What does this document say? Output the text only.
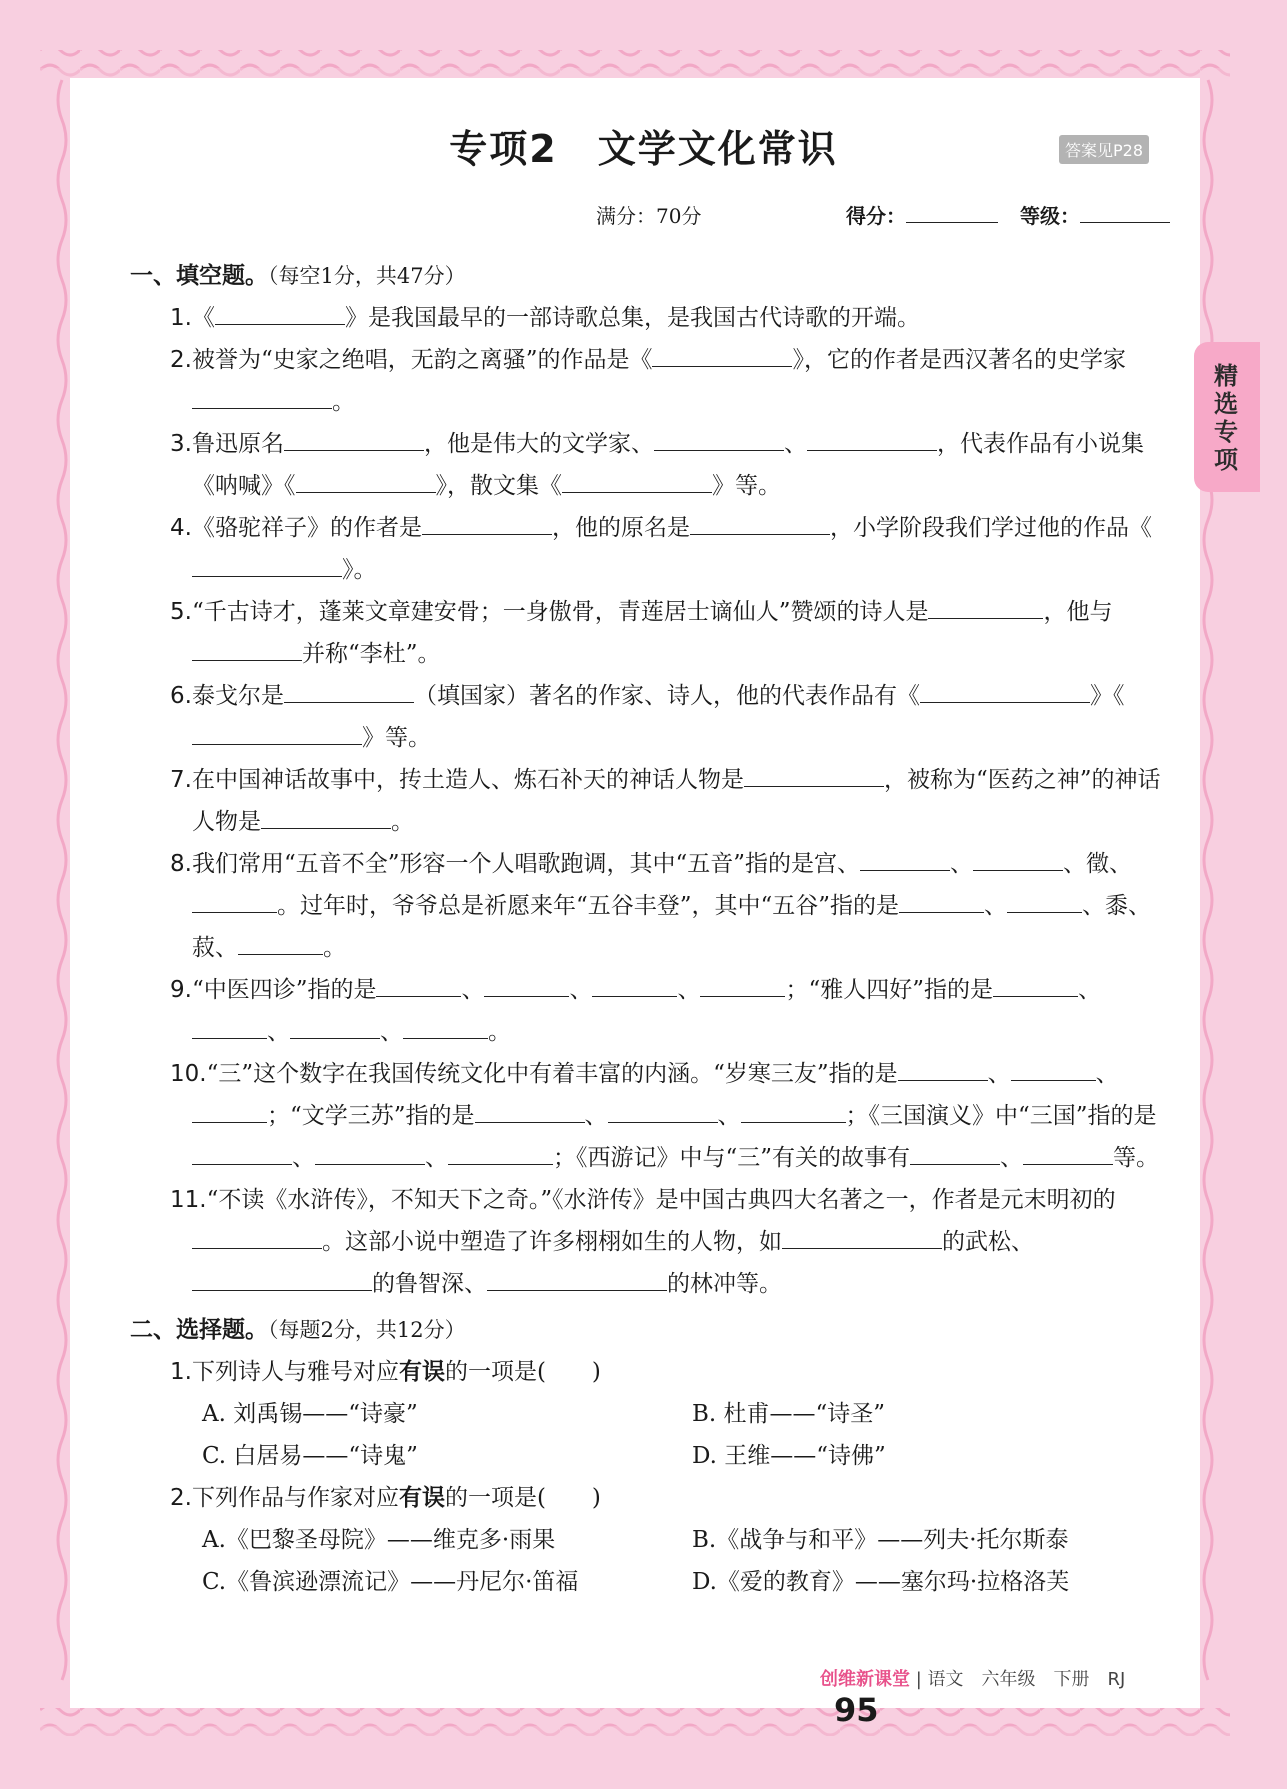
专项2　文学文化常识	答案见P28
满分：70分	得分：	等级：
精选专项
一、填空题。（每空1分，共47分）
1.《	》是我国最早的一部诗歌总集，是我国古代诗歌的开端。
2.被誉为“史家之绝唱，无韵之离骚”的作品是《	》，它的作者是西汉著名的史学家。
3.鲁迅原名	，他是伟大的文学家、	、	，代表作品有小说集《呐喊》《	》，散文集《	》等。
4.《骆驼祥子》的作者是	，他的原名是	，小学阶段我们学过他的作品《》。
5.“千古诗才，蓬莱文章建安骨；一身傲骨，青莲居士谪仙人”赞颂的诗人是	，他与并称“李杜”。
6.泰戈尔是	（填国家）著名的作家、诗人，他的代表作品有《	》《》等。
7.在中国神话故事中，抟土造人、炼石补天的神话人物是	，被称为“医药之神”的神话人物是	。
8.我们常用“五音不全”形容一个人唱歌跑调，其中“五音”指的是宫、	、	、徵、。过年时，爷爷总是祈愿来年“五谷丰登”，其中“五谷”指的是	、	、黍、菽、	。
9.“中医四诊”指的是	、	、	、	；“雅人四好”指的是	、、	、	。
10.“三”这个数字在我国传统文化中有着丰富的内涵。“岁寒三友”指的是	、	、；“文学三苏”指的是	、	、	；《三国演义》中“三国”指的是、	、	；《西游记》中与“三”有关的故事有	、	等。
11.“不读《水浒传》，不知天下之奇。”《水浒传》是中国古典四大名著之一，作者是元末明初的。这部小说中塑造了许多栩栩如生的人物，如	的武松、的鲁智深、	的林冲等。
二、选择题。（每题2分，共12分）
1.下列诗人与雅号对应有误的一项是(　　)
A. 刘禹锡——“诗豪”	B. 杜甫——“诗圣”
C. 白居易——“诗鬼”	D. 王维——“诗佛”
2.下列作品与作家对应有误的一项是(　　)
A.《巴黎圣母院》——维克多·雨果	B.《战争与和平》——列夫·托尔斯泰
C.《鲁滨逊漂流记》——丹尼尔·笛福	D.《爱的教育》——塞尔玛·拉格洛芙
创维新课堂 | 语文　六年级　下册　RJ 95
